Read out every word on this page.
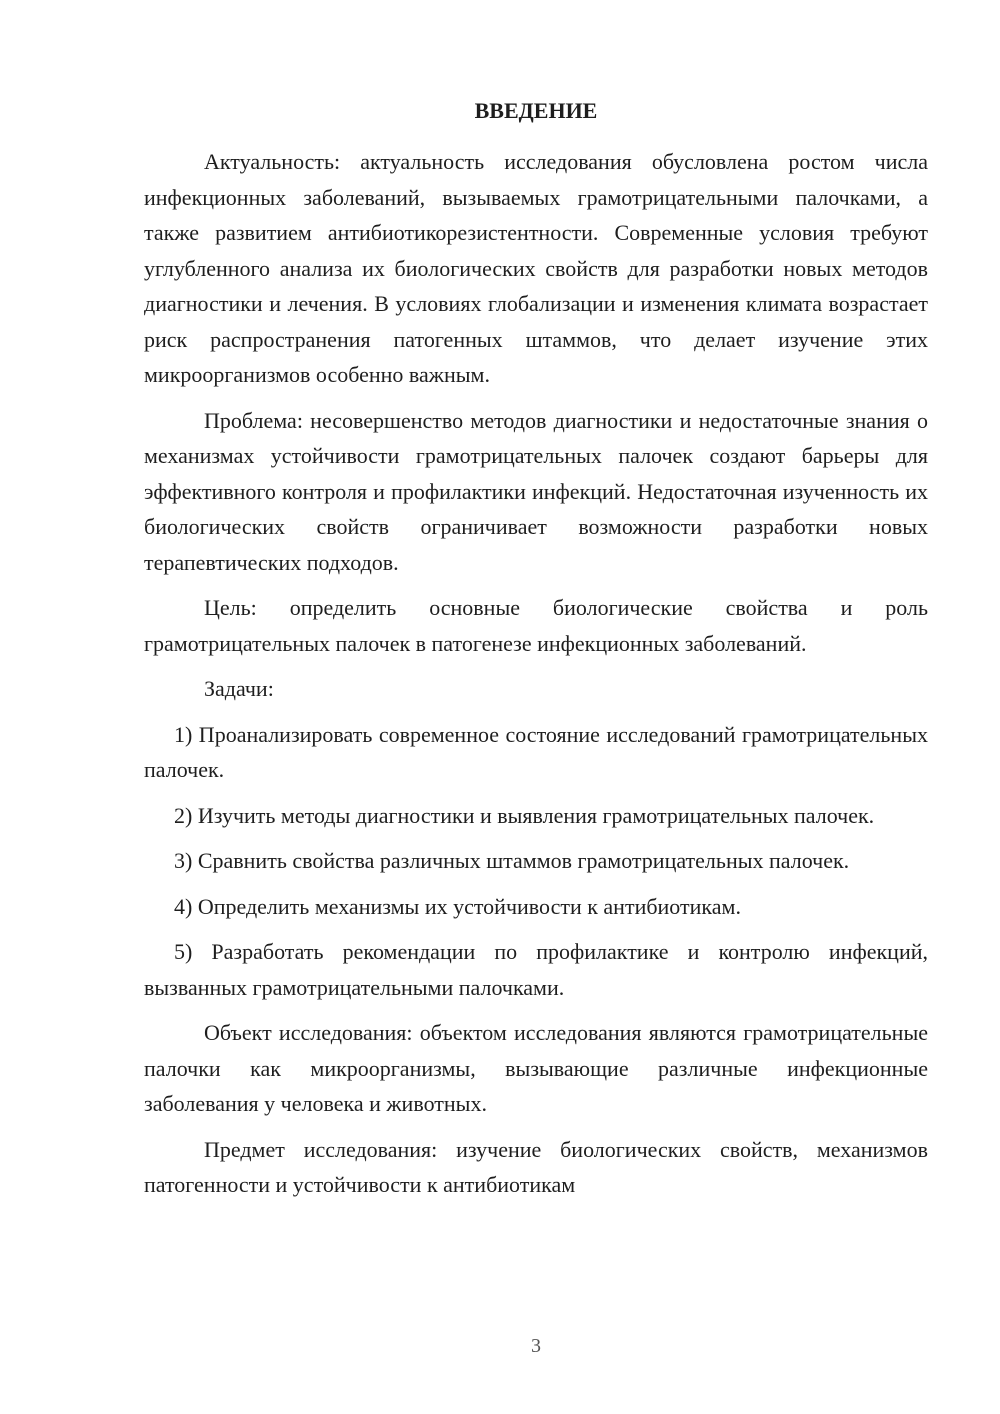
ВВЕДЕНИЕ

Актуальность: актуальность исследования обусловлена ростом числа инфекционных заболеваний, вызываемых грамотрицательными палочками, а также развитием антибиотикорезистентности. Современные условия требуют углубленного анализа их биологических свойств для разработки новых методов диагностики и лечения. В условиях глобализации и изменения климата возрастает риск распространения патогенных штаммов, что делает изучение этих микроорганизмов особенно важным.

Проблема: несовершенство методов диагностики и недостаточные знания о механизмах устойчивости грамотрицательных палочек создают барьеры для эффективного контроля и профилактики инфекций. Недостаточная изученность их биологических свойств ограничивает возможности разработки новых терапевтических подходов.

Цель: определить основные биологические свойства и роль грамотрицательных палочек в патогенезе инфекционных заболеваний.

Задачи:

1) Проанализировать современное состояние исследований грамотрицательных палочек.

2) Изучить методы диагностики и выявления грамотрицательных палочек.

3) Сравнить свойства различных штаммов грамотрицательных палочек.

4) Определить механизмы их устойчивости к антибиотикам.

5) Разработать рекомендации по профилактике и контролю инфекций, вызванных грамотрицательными палочками.

Объект исследования: объектом исследования являются грамотрицательные палочки как микроорганизмы, вызывающие различные инфекционные заболевания у человека и животных.

Предмет исследования: изучение биологических свойств, механизмов патогенности и устойчивости к антибиотикам

3
